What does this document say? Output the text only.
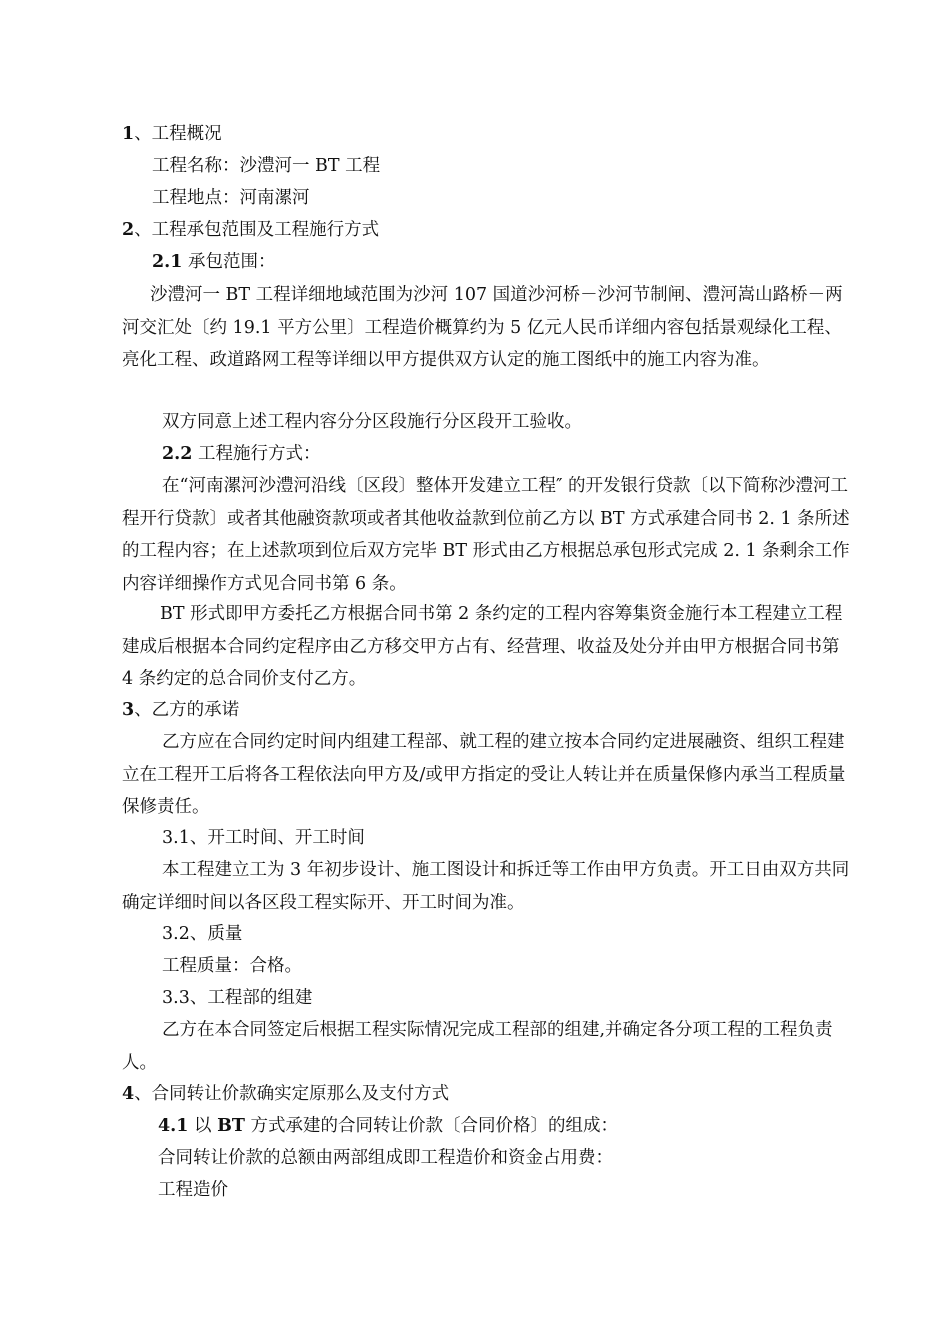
1、工程概况
工程名称：沙澧河一 BT 工程
工程地点：河南漯河
2、工程承包范围及工程施行方式
2.1 承包范围：
沙澧河一 BT 工程详细地域范围为沙河 107 国道沙河桥－沙河节制闸、澧河嵩山路桥－两河交汇处〔约 19.1 平方公里〕工程造价概算约为 5 亿元人民币详细内容包括景观绿化工程、亮化工程、政道路网工程等详细以甲方提供双方认定的施工图纸中的施工内容为准。
双方同意上述工程内容分分区段施行分区段开工验收。
2.2 工程施行方式：
在“河南漯河沙澧河沿线〔区段〕整体开发建立工程″ 的开发银行贷款〔以下简称沙澧河工程开行贷款〕或者其他融资款项或者其他收益款到位前乙方以 BT 方式承建合同书 2. 1 条所述的工程内容；在上述款项到位后双方完毕 BT 形式由乙方根据总承包形式完成 2. 1 条剩余工作内容详细操作方式见合同书第 6 条。
BT 形式即甲方委托乙方根据合同书第 2 条约定的工程内容筹集资金施行本工程建立工程建成后根据本合同约定程序由乙方移交甲方占有、经营理、收益及处分并由甲方根据合同书第 4 条约定的总合同价支付乙方。
3、乙方的承诺
乙方应在合同约定时间内组建工程部、就工程的建立按本合同约定进展融资、组织工程建立在工程开工后将各工程依法向甲方及/或甲方指定的受让人转让并在质量保修内承当工程质量保修责任。
3.1、开工时间、开工时间
本工程建立工为 3 年初步设计、施工图设计和拆迁等工作由甲方负责。开工日由双方共同确定详细时间以各区段工程实际开、开工时间为准。
3.2、质量
工程质量：合格。
3.3、工程部的组建
乙方在本合同签定后根据工程实际情况完成工程部的组建,并确定各分项工程的工程负责人。
4、合同转让价款确实定原那么及支付方式
4.1 以 BT 方式承建的合同转让价款〔合同价格〕的组成：
合同转让价款的总额由两部组成即工程造价和资金占用费：
工程造价
